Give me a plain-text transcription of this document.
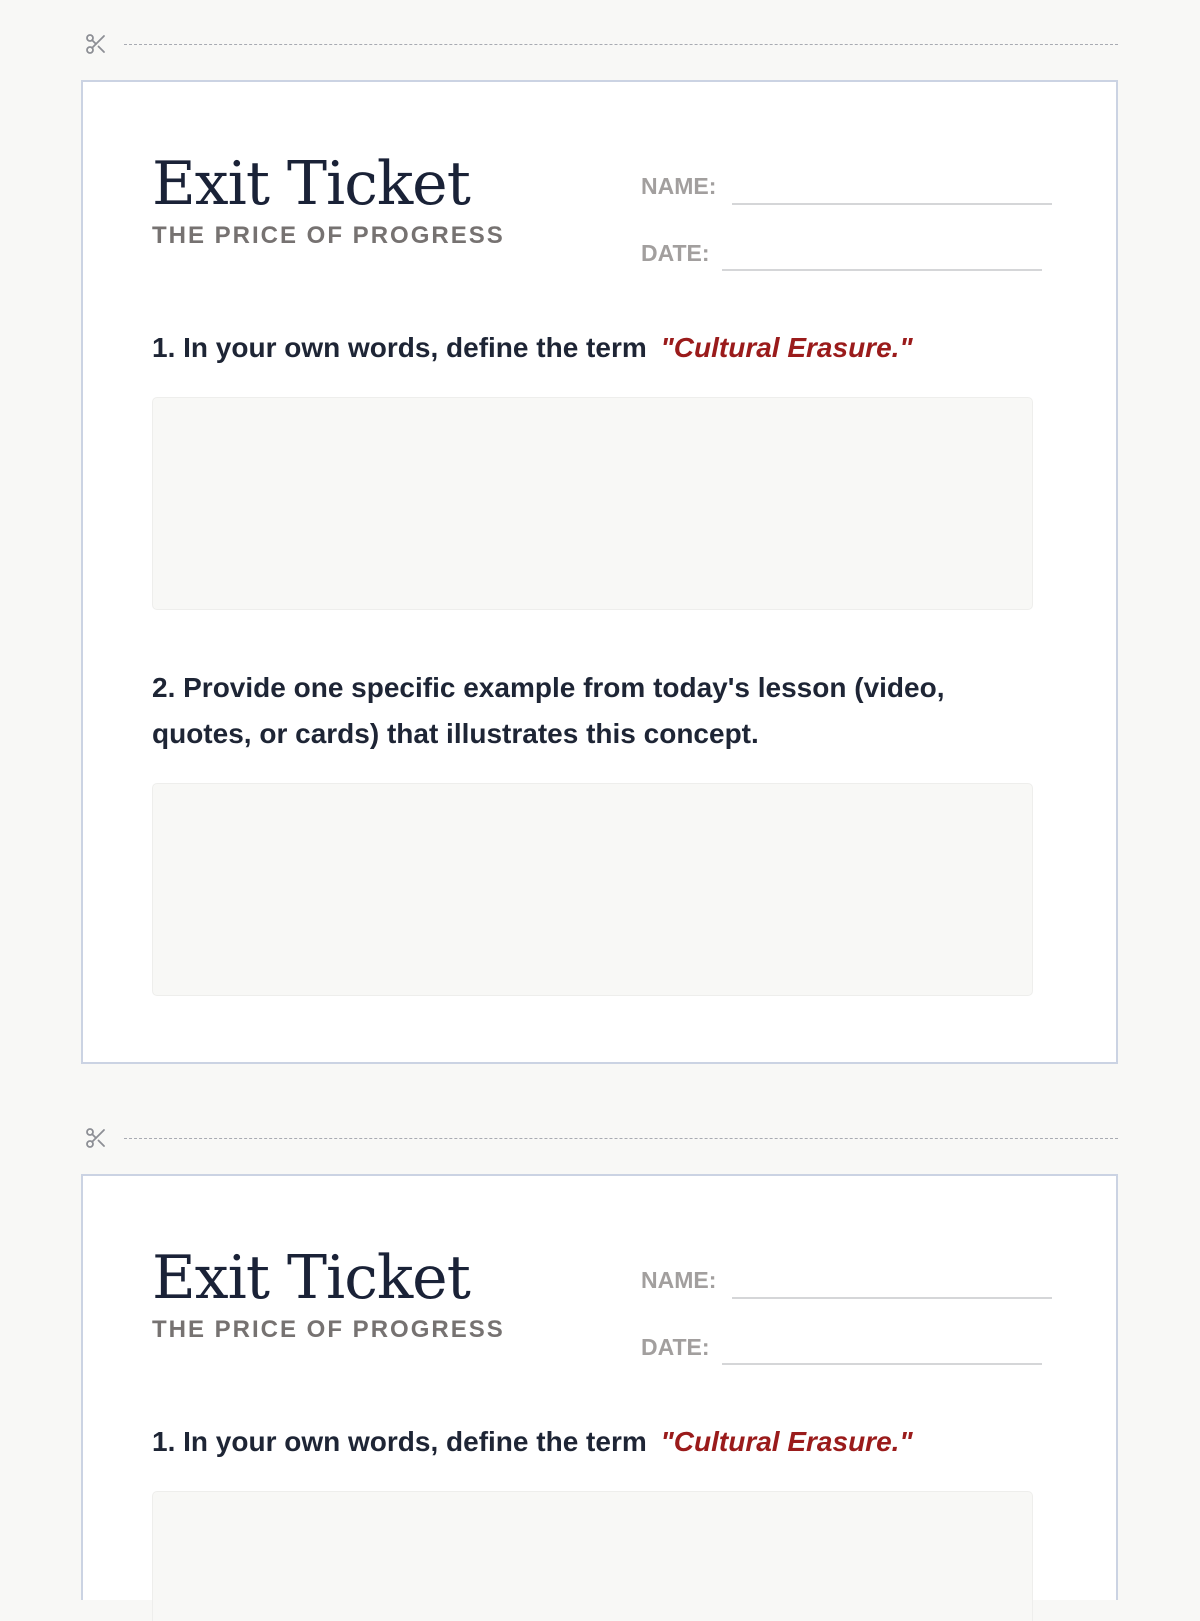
Exit Ticket
THE PRICE OF PROGRESS
NAME:
DATE:
1. In your own words, define the term "Cultural Erasure."
2. Provide one specific example from today's lesson (video, quotes, or cards) that illustrates this concept.
Exit Ticket
THE PRICE OF PROGRESS
NAME:
DATE:
1. In your own words, define the term "Cultural Erasure."
